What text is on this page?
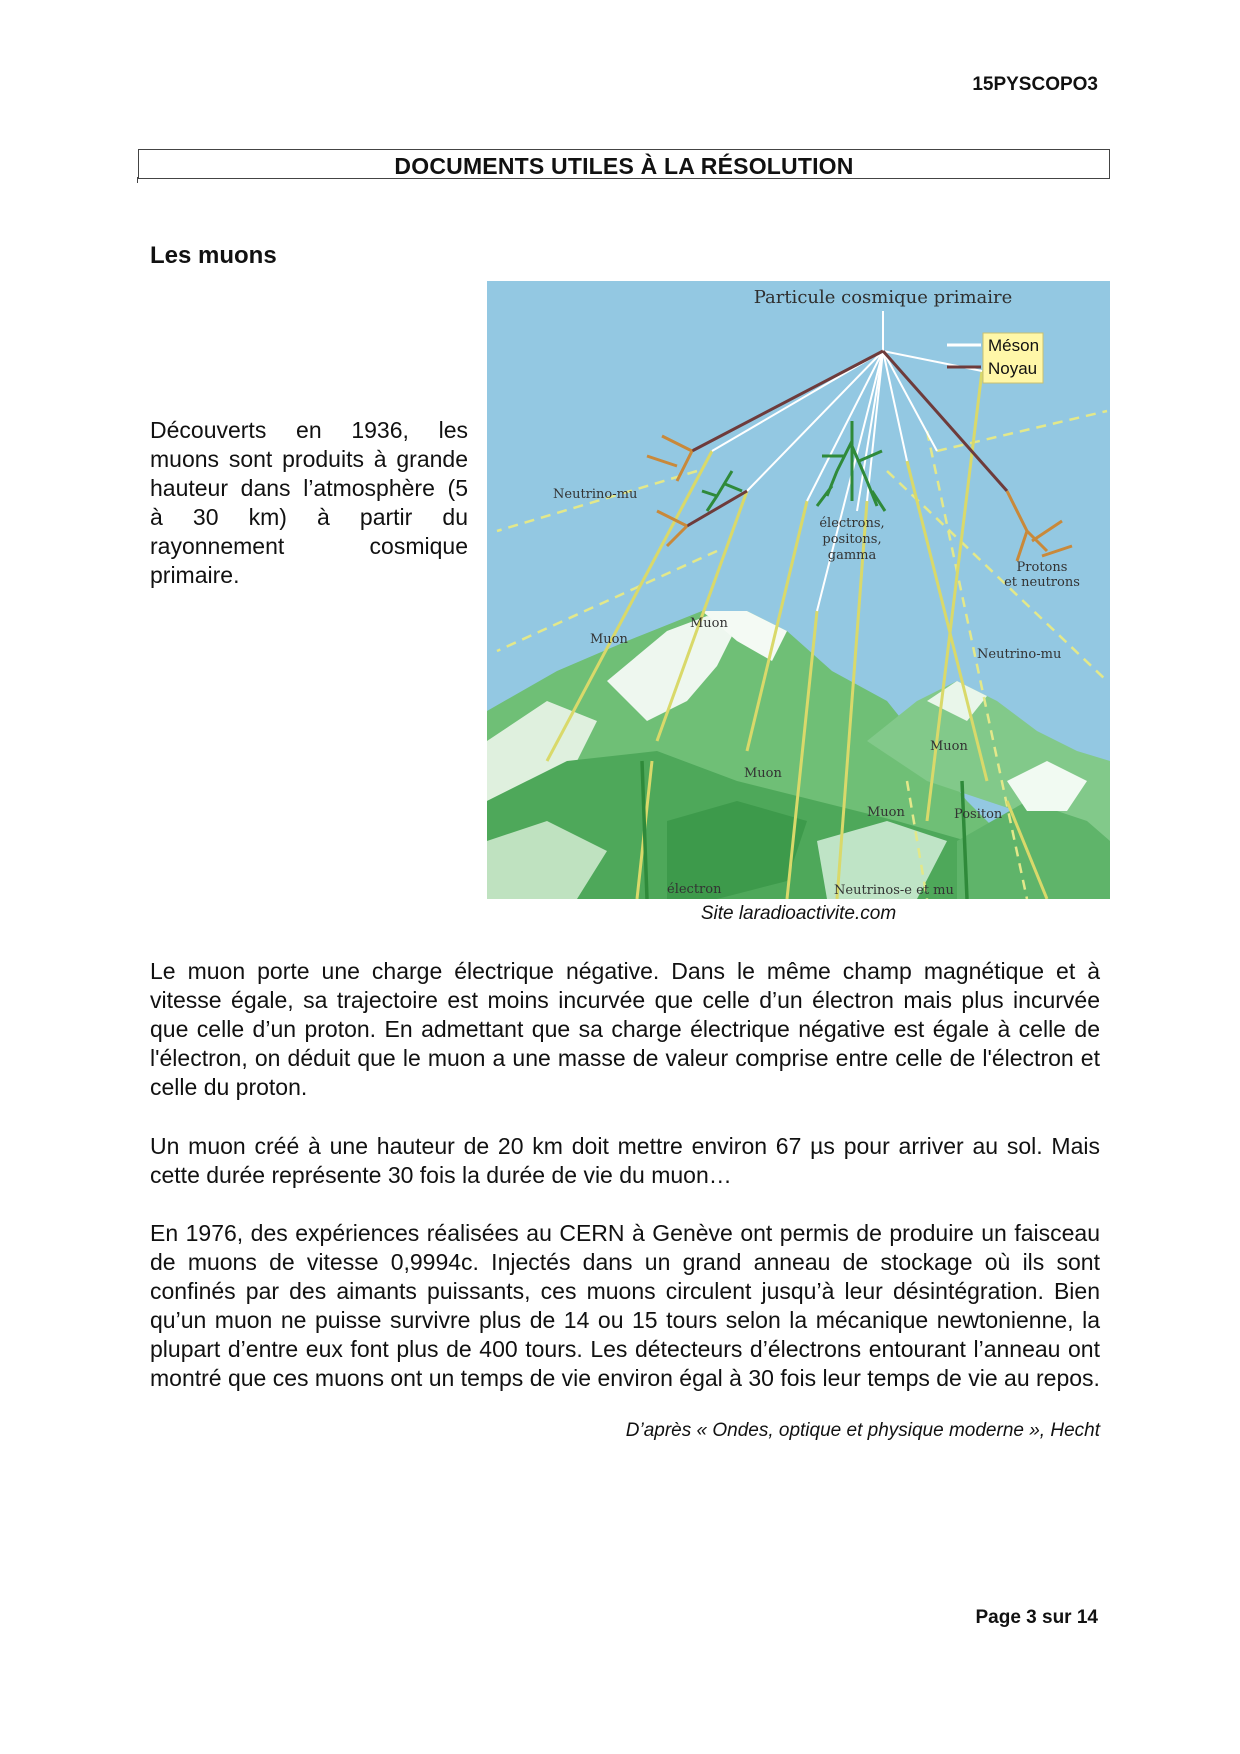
15PYSCOPO3
DOCUMENTS UTILES À LA RÉSOLUTION
Les muons
Découverts en 1936, les muons sont produits à grande hauteur dans l’atmosphère (5 à 30 km) à partir du rayonnement cosmique primaire.
Particule cosmique primaire
Méson
Noyau
Neutrino-mu
électrons,
positons,
gamma
Protons
et neutrons
Muon
Muon
Neutrino-mu
Muon
Muon
Muon	Positon
électron	Neutrinos-e et mu
Site laradioactivite.com

Le muon porte une charge électrique négative. Dans le même champ magnétique et à vitesse égale, sa trajectoire est moins incurvée que celle d’un électron mais plus incurvée que celle d’un proton. En admettant que sa charge électrique négative est égale à celle de l'électron, on déduit que le muon a une masse de valeur comprise entre celle de l'électron et celle du proton.

Un muon créé à une hauteur de 20 km doit mettre environ 67 µs pour arriver au sol. Mais cette durée représente 30 fois la durée de vie du muon…

En 1976, des expériences réalisées au CERN à Genève ont permis de produire un faisceau de muons de vitesse 0,9994c. Injectés dans un grand anneau de stockage où ils sont confinés par des aimants puissants, ces muons circulent jusqu’à leur désintégration. Bien qu’un muon ne puisse survivre plus de 14 ou 15 tours selon la mécanique newtonienne, la plupart d’entre eux font plus de 400 tours. Les détecteurs d’électrons entourant l’anneau ont montré que ces muons ont un temps de vie environ égal à 30 fois leur temps de vie au repos.

D’après « Ondes, optique et physique moderne », Hecht
Page 3 sur 14
